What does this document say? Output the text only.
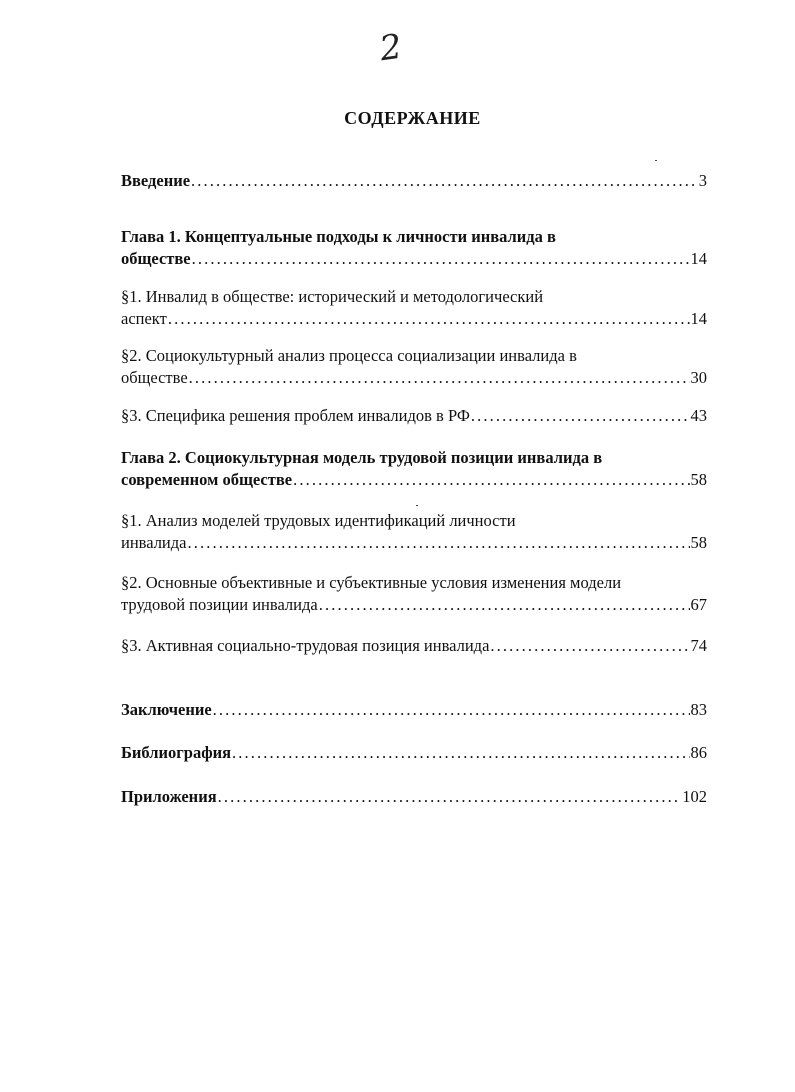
2
СОДЕРЖАНИЕ
Введение . . .	3
Глава 1. Концептуальные подходы к личности инвалида в
обществе . . .	14
§1. Инвалид в обществе: исторический и методологический
аспект . . .	14
§2. Социокультурный анализ процесса социализации инвалида в
обществе . . .	30
§3. Специфика решения проблем инвалидов в РФ . . .	43
Глава 2. Социокультурная модель трудовой позиции инвалида в
современном обществе . . .	58
§1. Анализ моделей трудовых идентификаций личности
инвалида . . .	58
§2. Основные объективные и субъективные условия изменения модели
трудовой позиции инвалида . . .	67
§3. Активная социально-трудовая позиция инвалида . . .	74
Заключение . . .	83
Библиография . . .	86
Приложения . . .	102
